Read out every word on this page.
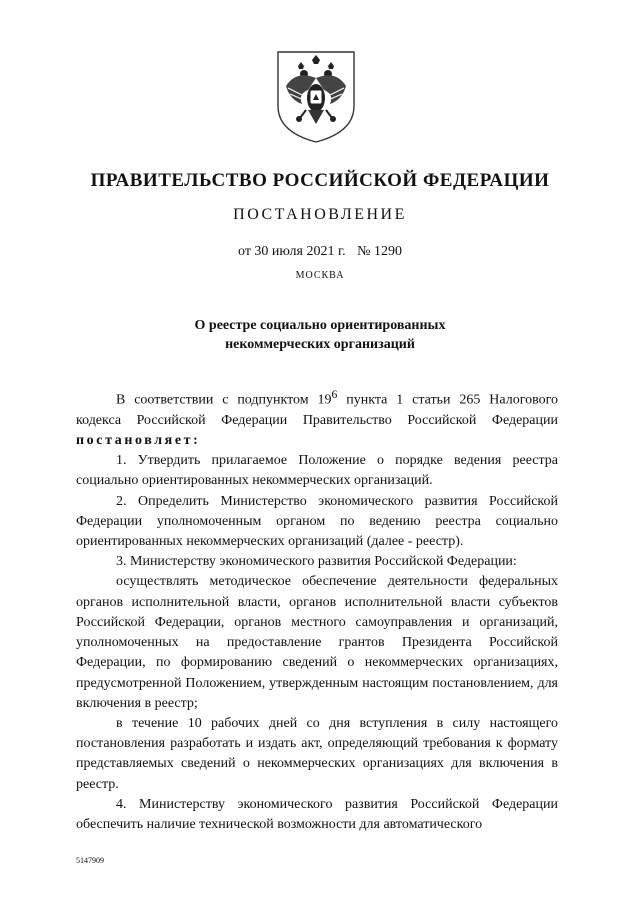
ПРАВИТЕЛЬСТВО РОССИЙСКОЙ ФЕДЕРАЦИИ
ПОСТАНОВЛЕНИЕ
от 30 июля 2021 г. № 1290
МОСКВА
О реестре социально ориентированных
некоммерческих организаций

В соответствии с подпунктом $19^6$ пункта 1 статьи 265 Налогового кодекса Российской Федерации Правительство Российской Федерации постановляет:

1. Утвердить прилагаемое Положение о порядке ведения реестра социально ориентированных некоммерческих организаций.

2. Определить Министерство экономического развития Российской Федерации уполномоченным органом по ведению реестра социально ориентированных некоммерческих организаций (далее - реестр).

3. Министерству экономического развития Российской Федерации:

осуществлять методическое обеспечение деятельности федеральных органов исполнительной власти, органов исполнительной власти субъектов Российской Федерации, органов местного самоуправления и организаций, уполномоченных на предоставление грантов Президента Российской Федерации, по формированию сведений о некоммерческих организациях, предусмотренной Положением, утвержденным настоящим постановлением, для включения в реестр;

в течение 10 рабочих дней со дня вступления в силу настоящего постановления разработать и издать акт, определяющий требования к формату представляемых сведений о некоммерческих организациях для включения в реестр.

4. Министерству экономического развития Российской Федерации обеспечить наличие технической возможности для автоматического

5147909
